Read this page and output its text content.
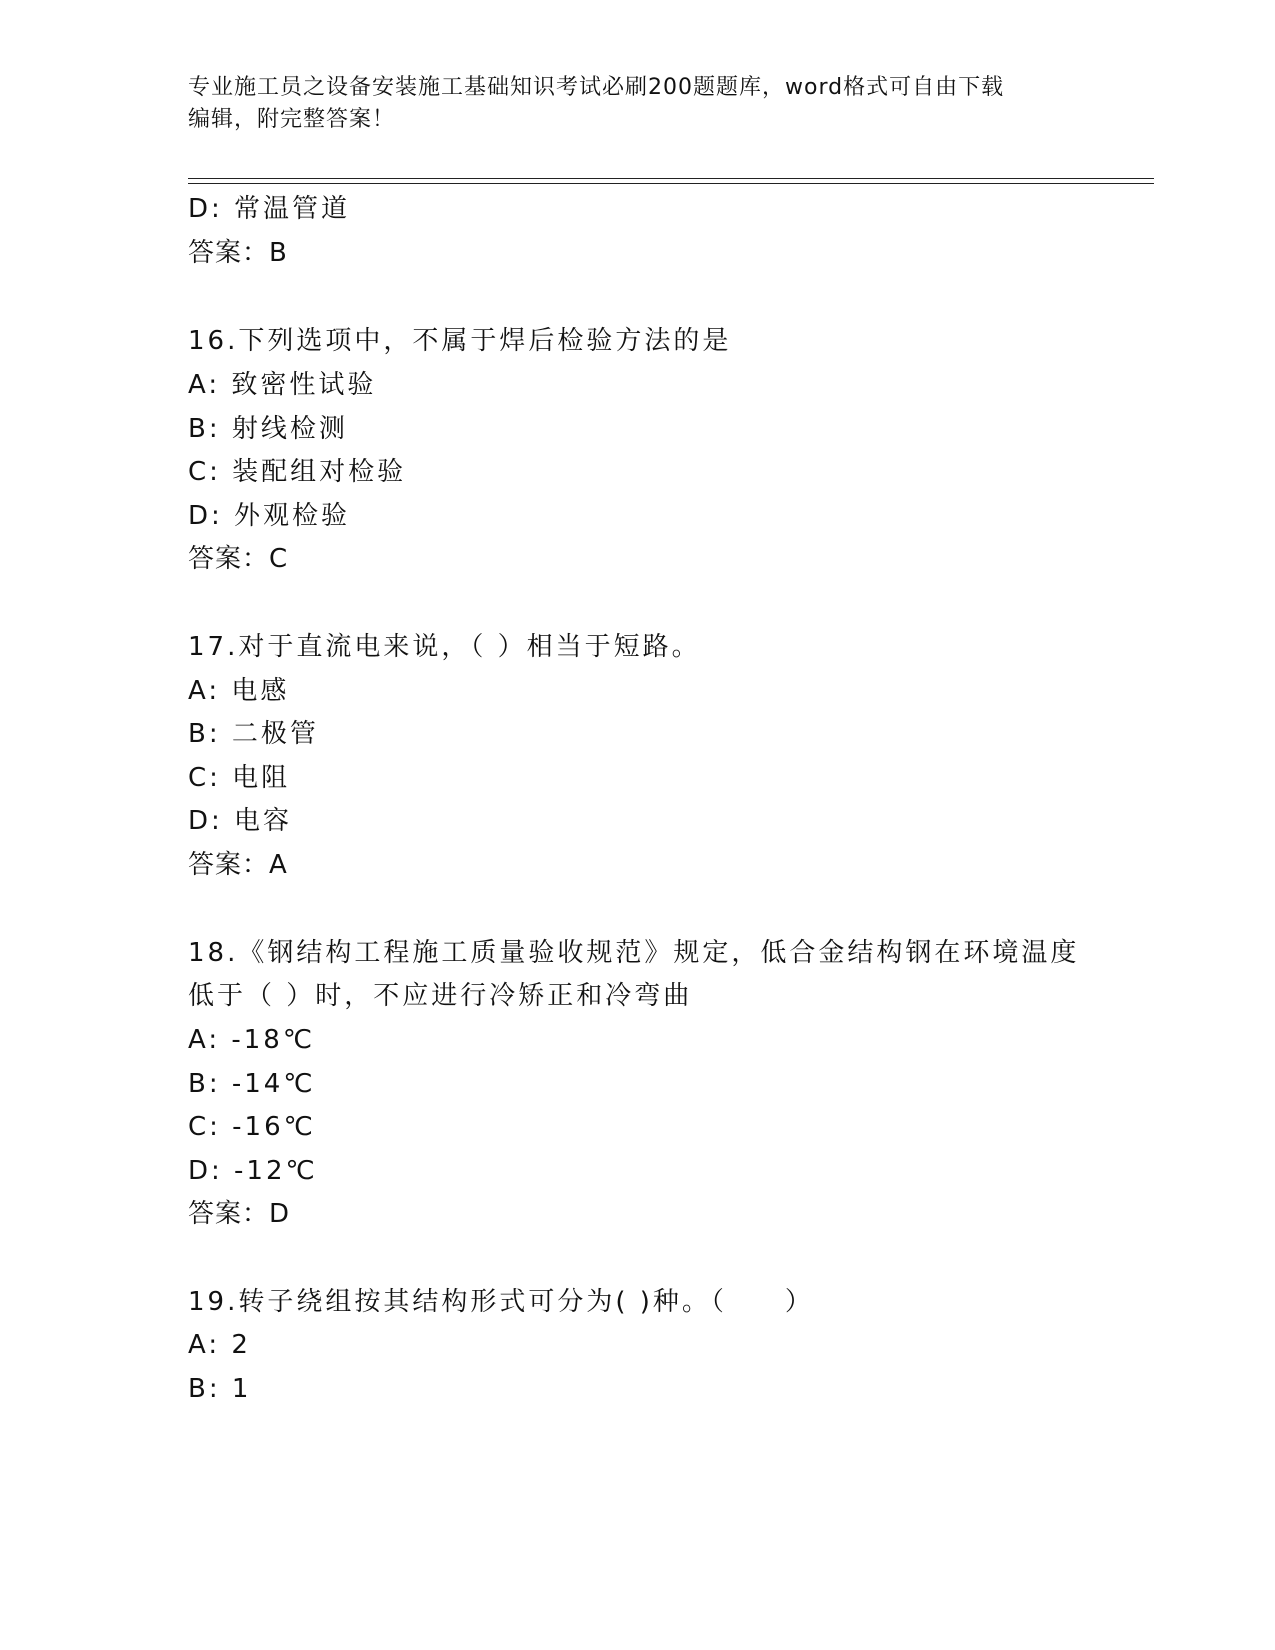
专业施工员之设备安装施工基础知识考试必刷200题题库，word格式可自由下载
编辑，附完整答案！
D: 常温管道
答案：B
16.下列选项中，不属于焊后检验方法的是
A: 致密性试验
B: 射线检测
C: 装配组对检验
D: 外观检验
答案：C
17.对于直流电来说，（ ）相当于短路。
A: 电感
B: 二极管
C: 电阻
D: 电容
答案：A
18.《钢结构工程施工质量验收规范》规定，低合金结构钢在环境温度
低于（ ）时，不应进行冷矫正和冷弯曲
A: -18℃
B: -14℃
C: -16℃
D: -12℃
答案：D
19.转子绕组按其结构形式可分为( )种。（　　）
A: 2
B: 1
